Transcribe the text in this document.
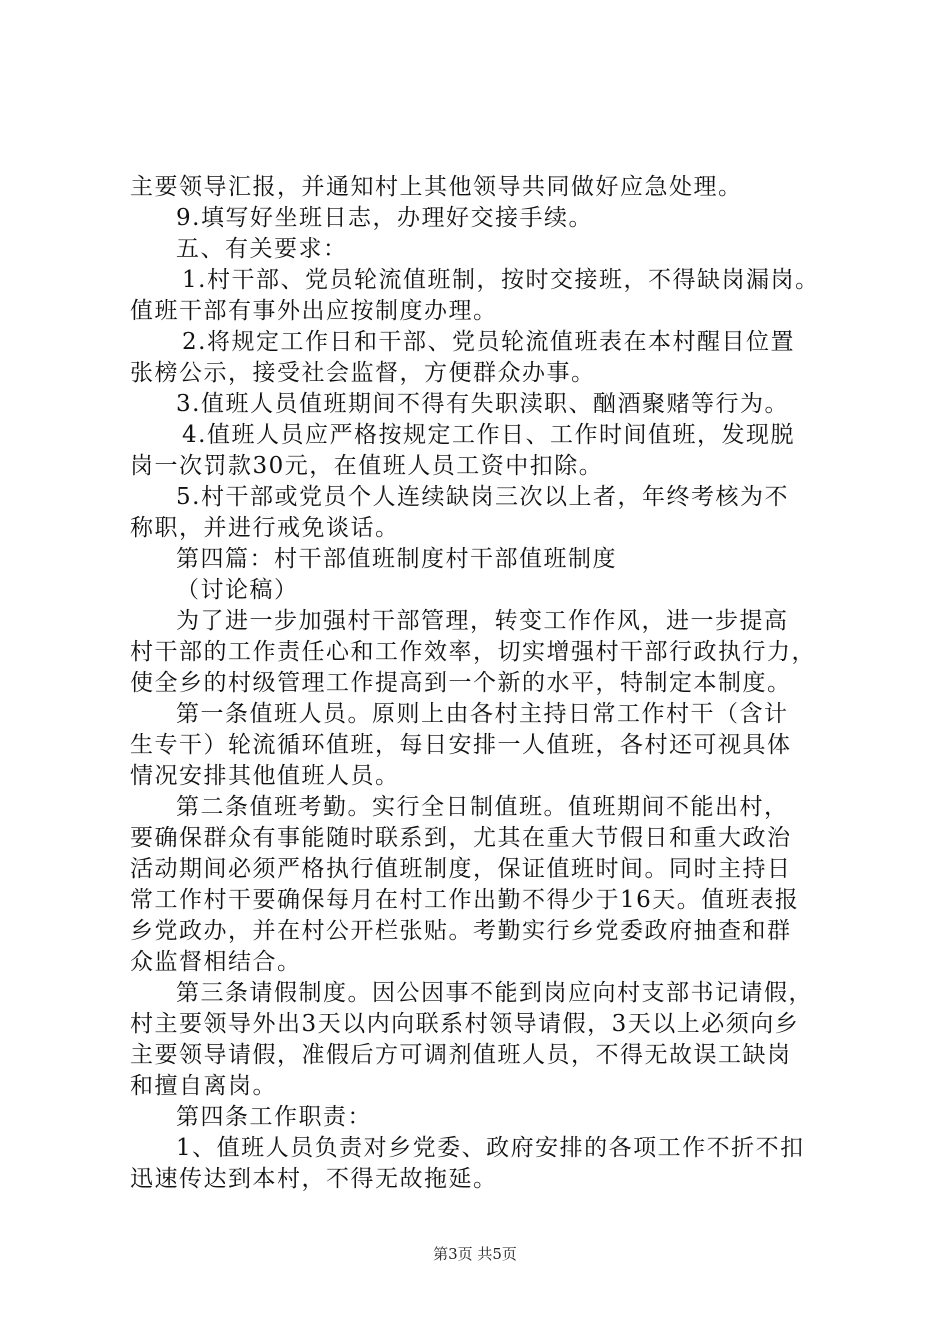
主要领导汇报，并通知村上其他领导共同做好应急处理。
9.填写好坐班日志，办理好交接手续。
五、有关要求：
1.村干部、党员轮流值班制，按时交接班，不得缺岗漏岗。
值班干部有事外出应按制度办理。
2.将规定工作日和干部、党员轮流值班表在本村醒目位置
张榜公示，接受社会监督，方便群众办事。
3.值班人员值班期间不得有失职渎职、酗酒聚赌等行为。
4.值班人员应严格按规定工作日、工作时间值班，发现脱
岗一次罚款30元，在值班人员工资中扣除。
5.村干部或党员个人连续缺岗三次以上者，年终考核为不
称职，并进行戒免谈话。
第四篇：村干部值班制度村干部值班制度
（讨论稿）
为了进一步加强村干部管理，转变工作作风，进一步提高
村干部的工作责任心和工作效率，切实增强村干部行政执行力，
使全乡的村级管理工作提高到一个新的水平，特制定本制度。
第一条值班人员。原则上由各村主持日常工作村干（含计
生专干）轮流循环值班，每日安排一人值班，各村还可视具体
情况安排其他值班人员。
第二条值班考勤。实行全日制值班。值班期间不能出村，
要确保群众有事能随时联系到，尤其在重大节假日和重大政治
活动期间必须严格执行值班制度，保证值班时间。同时主持日
常工作村干要确保每月在村工作出勤不得少于16天。值班表报
乡党政办，并在村公开栏张贴。考勤实行乡党委政府抽查和群
众监督相结合。
第三条请假制度。因公因事不能到岗应向村支部书记请假，
村主要领导外出3天以内向联系村领导请假，3天以上必须向乡
主要领导请假，准假后方可调剂值班人员，不得无故误工缺岗
和擅自离岗。
第四条工作职责：
1、值班人员负责对乡党委、政府安排的各项工作不折不扣
迅速传达到本村，不得无故拖延。
第3页 共5页
